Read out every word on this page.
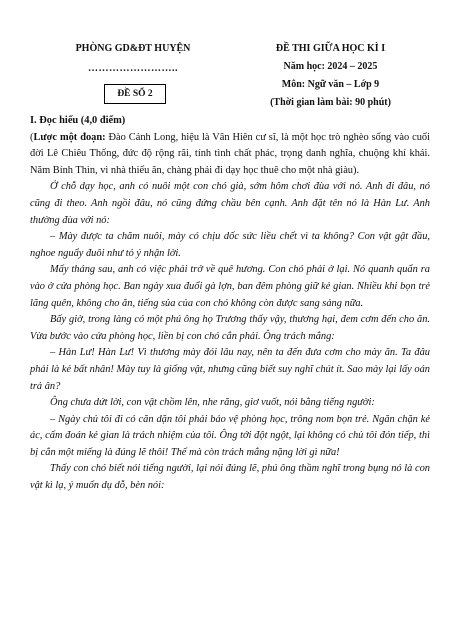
PHÒNG GD&ĐT HUYỆN
……………………..
ĐỀ SỐ 2
ĐỀ THI GIỮA HỌC KÌ I
Năm học: 2024 – 2025
Môn: Ngữ văn – Lớp 9
(Thời gian làm bài: 90 phút)
I. Đọc hiểu (4,0 điểm)

(Lược một đoạn: Đào Cảnh Long, hiệu là Vân Hiên cư sĩ, là một học trò nghèo sống vào cuối đời Lê Chiêu Thống, đức độ rộng rãi, tính tình chất phác, trọng danh nghĩa, chuộng khí khái. Năm Bính Thìn, vì nhà thiếu ăn, chàng phải đi dạy học thuê cho một nhà giàu).

Ở chỗ dạy học, anh có nuôi một con chó già, sớm hôm chơi đùa với nó. Anh đi đâu, nó cũng đi theo. Anh ngồi đâu, nó cũng đứng chầu bên cạnh. Anh đặt tên nó là Hàn Lư. Anh thường đùa với nó:

– Mày được ta chăm nuôi, mày có chịu dốc sức liều chết vì ta không? Con vật gật đầu, nghoe nguẩy đuôi như tỏ ý nhận lời.

Mấy tháng sau, anh có việc phải trở về quê hương. Con chó phải ở lại. Nó quanh quẩn ra vào ở cửa phòng học. Ban ngày xua đuổi gà lợn, ban đêm phòng giữ kẻ gian. Nhiều khi bọn trẻ lãng quên, không cho ăn, tiếng sủa của con chó không còn được sang sảng nữa.

Bấy giờ, trong làng có một phú ông họ Trương thấy vậy, thương hại, đem cơm đến cho ăn. Vừa bước vào cửa phòng học, liền bị con chó cắn phải. Ông trách mắng:

– Hàn Lư! Hàn Lư! Vì thương mày đói lâu nay, nên ta đến đưa cơm cho mày ăn. Ta đâu phải là kẻ bất nhân! Mày tuy là giống vật, nhưng cũng biết suy nghĩ chút ít. Sao mày lại lấy oán trả ân?

Ông chưa dứt lời, con vật chồm lên, nhe răng, giơ vuốt, nói bằng tiếng người:

– Ngày chủ tôi đi có căn dặn tôi phải bảo vệ phòng học, trông nom bọn trẻ. Ngăn chặn kẻ ác, cấm đoán kẻ gian là trách nhiệm của tôi. Ông tới đột ngột, lại không có chủ tôi đón tiếp, thì bị cắn một miếng là đúng lẽ thôi! Thế mà còn trách mắng nặng lời gì nữa!

Thấy con chó biết nói tiếng người, lại nói đúng lẽ, phú ông thầm nghĩ trong bụng nó là con vật kì lạ, ý muốn dụ dỗ, bèn nói:
